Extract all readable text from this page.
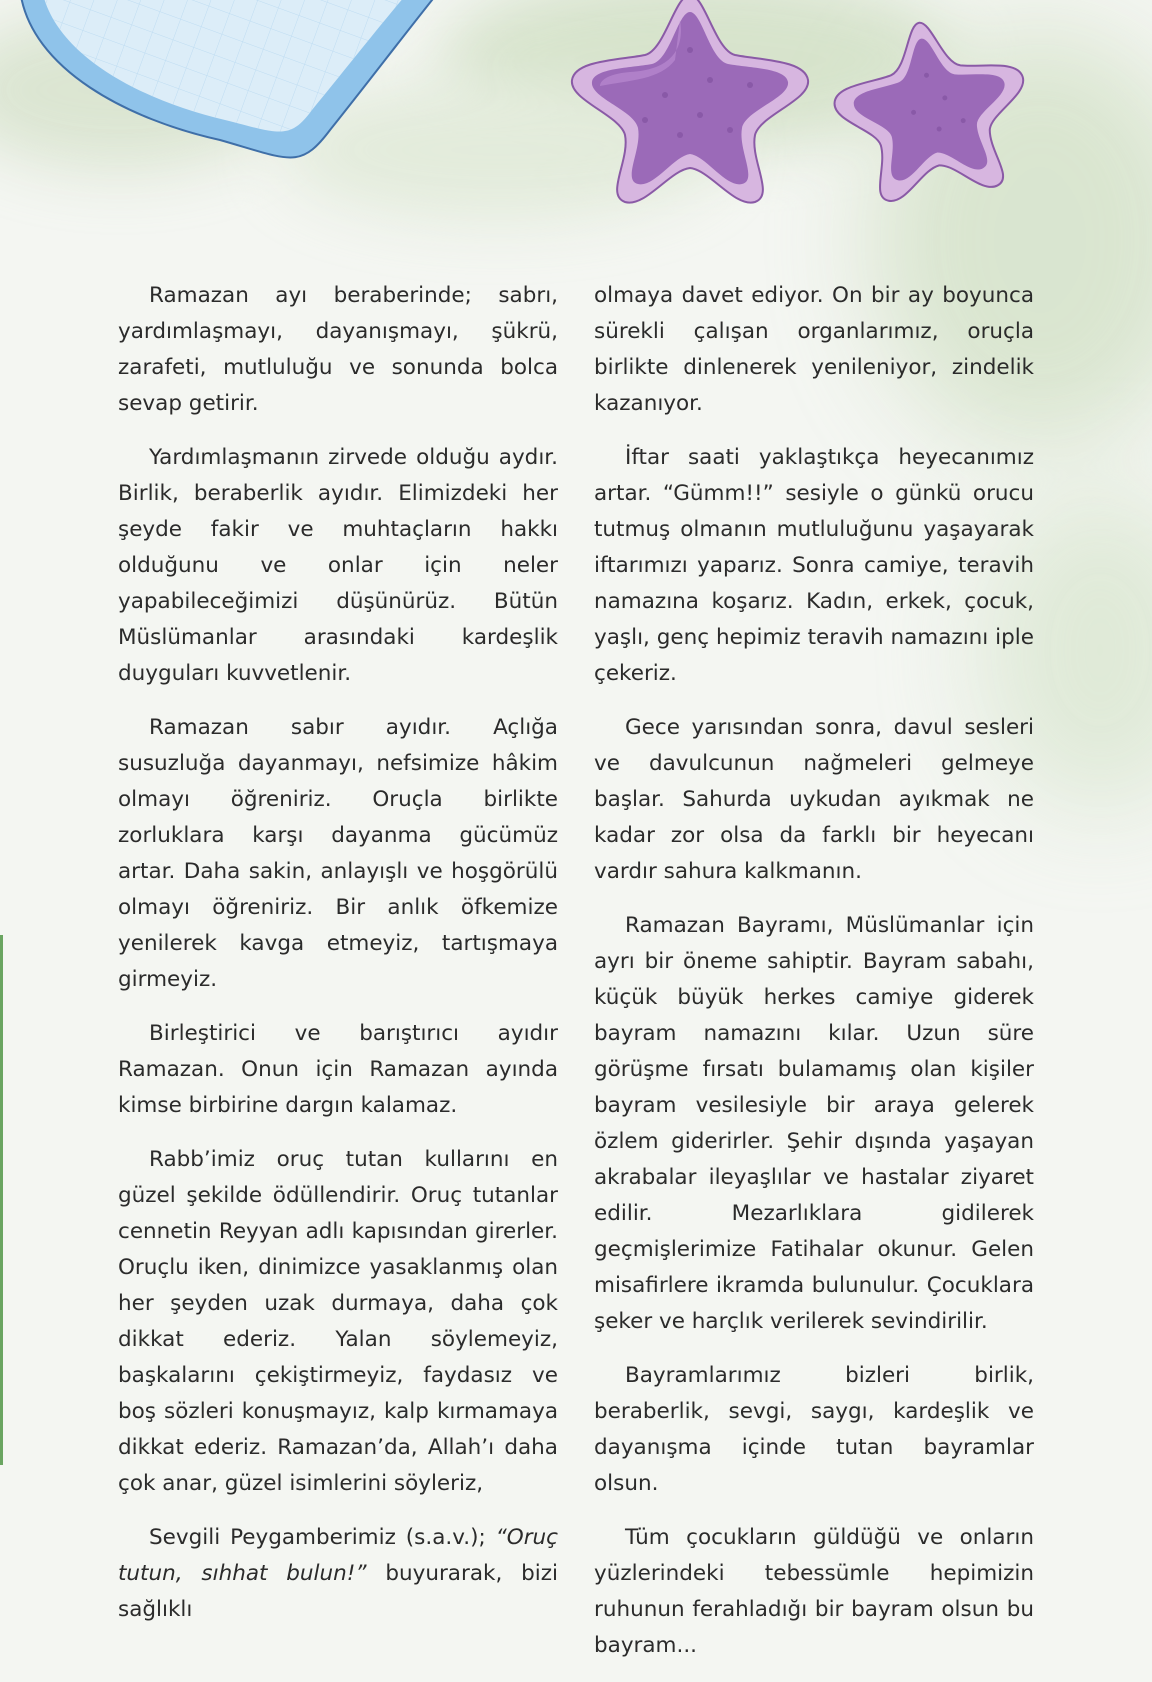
Ramazan ayı beraberinde; sabrı, yardımlaşmayı, dayanışmayı, şükrü, zarafeti, mutluluğu ve sonunda bolca sevap getirir.

Yardımlaşmanın zirvede olduğu aydır. Birlik, beraberlik ayıdır. Elimizdeki her şeyde fakir ve muhtaçların hakkı olduğunu ve onlar için neler yapabileceğimizi düşünürüz. Bütün Müslümanlar arasındaki kardeşlik duyguları kuvvetlenir.

Ramazan sabır ayıdır. Açlığa susuzluğa dayanmayı, nefsimize hâkim olmayı öğreniriz. Oruçla birlikte zorluklara karşı dayanma gücümüz artar. Daha sakin, anlayışlı ve hoşgörülü olmayı öğreniriz. Bir anlık öfkemize yenilerek kavga etmeyiz, tartışmaya girmeyiz.

Birleştirici ve barıştırıcı ayıdır Ramazan. Onun için Ramazan ayında kimse birbirine dargın kalamaz.

Rabb’imiz oruç tutan kullarını en güzel şekilde ödüllendirir. Oruç tutanlar cennetin Reyyan adlı kapısından girerler. Oruçlu iken, dinimizce yasaklanmış olan her şeyden uzak durmaya, daha çok dikkat ederiz. Yalan söylemeyiz, başkalarını çekiştirmeyiz, faydasız ve boş sözleri konuşmayız, kalp kırmamaya dikkat ederiz. Ramazan’da, Allah’ı daha çok anar, güzel isimlerini söyleriz,

Sevgili Peygamberimiz (s.a.v.); “Oruç tutun, sıhhat bulun!” buyurarak, bizi sağlıklı

olmaya davet ediyor. On bir ay boyunca sürekli çalışan organlarımız, oruçla birlikte dinlenerek yenileniyor, zindelik kazanıyor.

İftar saati yaklaştıkça heyecanımız artar. “Gümm!!” sesiyle o günkü orucu tutmuş olmanın mutluluğunu yaşayarak iftarımızı yaparız. Sonra camiye, teravih namazına koşarız. Kadın, erkek, çocuk, yaşlı, genç hepimiz teravih namazını iple çekeriz.

Gece yarısından sonra, davul sesleri ve davulcunun nağmeleri gelmeye başlar. Sahurda uykudan ayıkmak ne kadar zor olsa da farklı bir heyecanı vardır sahura kalkmanın.

Ramazan Bayramı, Müslümanlar için ayrı bir öneme sahiptir. Bayram sabahı, küçük büyük herkes camiye giderek bayram namazını kılar. Uzun süre görüşme fırsatı bulamamış olan kişiler bayram vesilesiyle bir araya gelerek özlem giderirler. Şehir dışında yaşayan akrabalar ileyaşlılar ve hastalar ziyaret edilir. Mezarlıklara gidilerek geçmişlerimize Fatihalar okunur. Gelen misafirlere ikramda bulunulur. Çocuklara şeker ve harçlık verilerek sevindirilir.

Bayramlarımız bizleri birlik, beraberlik, sevgi, saygı, kardeşlik ve dayanışma içinde tutan bayramlar olsun.

Tüm çocukların güldüğü ve onların yüzlerindeki tebessümle hepimizin ruhunun ferahladığı bir bayram olsun bu bayram...
